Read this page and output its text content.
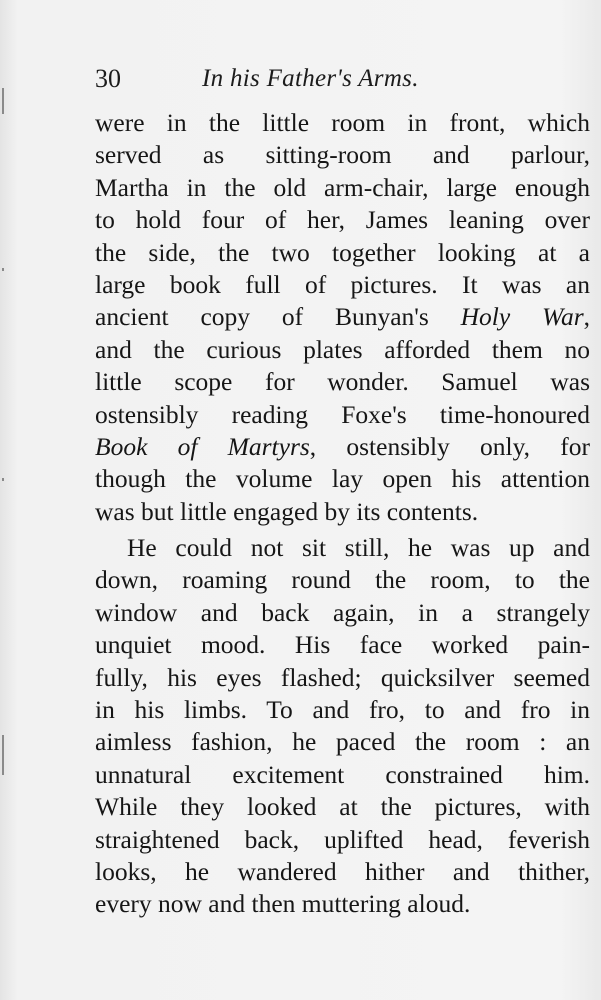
30	In his Father's Arms.
were in the little room in front, which
served as sitting-room and parlour,
Martha in the old arm-chair, large enough
to hold four of her, James leaning over
the side, the two together looking at a
large book full of pictures. It was an
ancient copy of Bunyan's Holy War,
and the curious plates afforded them no
little scope for wonder. Samuel was
ostensibly reading Foxe's time-honoured
Book of Martyrs, ostensibly only, for
though the volume lay open his attention
was but little engaged by its contents.
He could not sit still, he was up and
down, roaming round the room, to the
window and back again, in a strangely
unquiet mood. His face worked pain-
fully, his eyes flashed; quicksilver seemed
in his limbs. To and fro, to and fro in
aimless fashion, he paced the room : an
unnatural excitement constrained him.
While they looked at the pictures, with
straightened back, uplifted head, feverish
looks, he wandered hither and thither,
every now and then muttering aloud.
